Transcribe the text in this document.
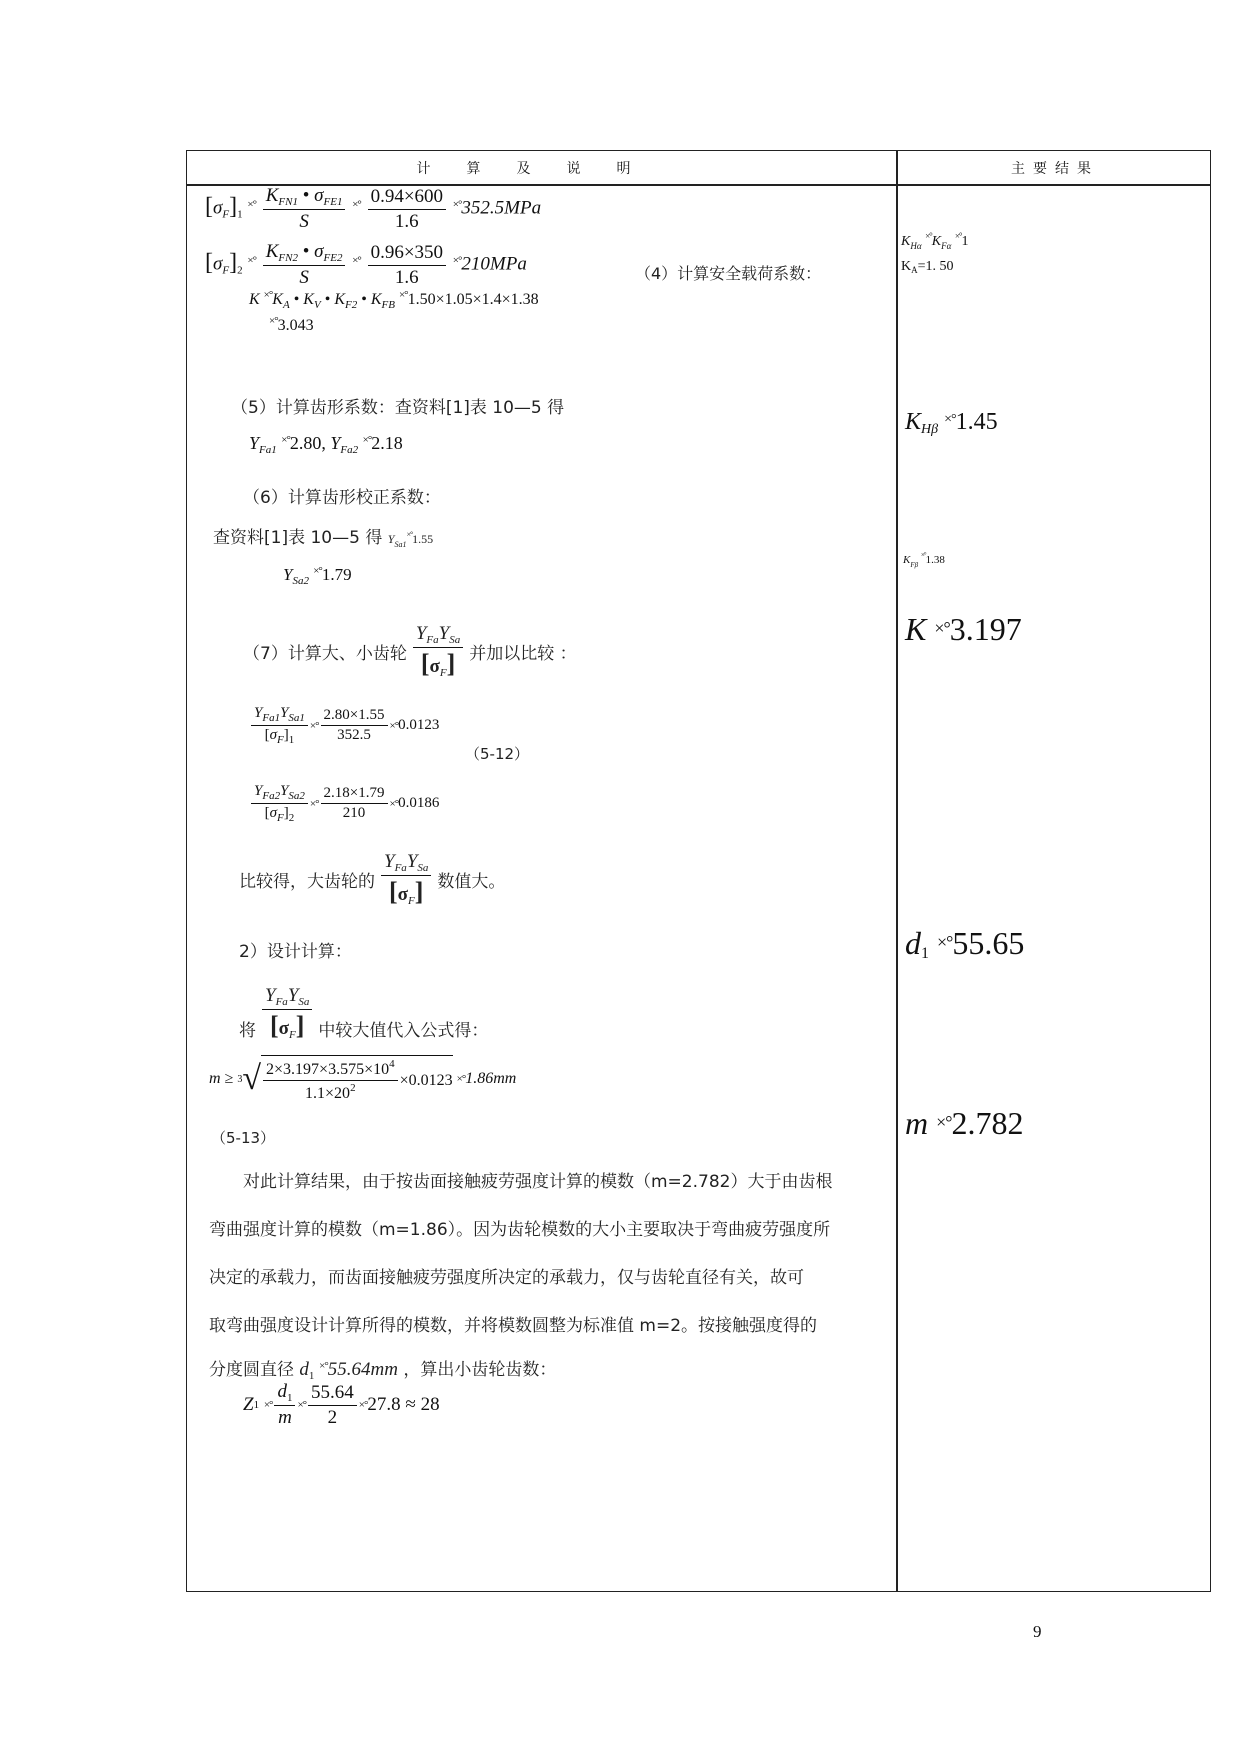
计算及说明	主要结果
$[\sigma_F]_1$ $^{\times^\circ} \frac{K_{FN1} • \sigma_{FE1}}{S} ^{\times^\circ} \frac{0.94\times 600}{1.6} ^{\times^\circ}352.5MPa$
$[\sigma_F]_2$ $^{\times^\circ} \frac{K_{FN2} • \sigma_{FE2}}{S} ^{\times^\circ} \frac{0.96\times 350}{1.6} ^{\times^\circ}210MPa$	（4）计算安全载荷系数：
K $^{\times^\circ}K_A$ • $K_V$ • $K_{F2}$ • $K_{FB}$ ×°1.50×1.05×1.4×1.38
×°3.043
（5）计算齿形系数：查资料[1]表 10—5 得
$Y_{Fa1}$ ×°2.80, $Y_{Fa2}$ ×°2.18
（6）计算齿形校正系数：
查资料[1]表 10—5 得 $Y_{Sa1}^{\times^\circ}1.55$
$Y_{Sa2}$ ×°1.79
（7）计算大、小齿轮 $\frac{Y_{Fa}Y_{Sa}}{[\sigma_F]}$ 并加以比较 ：
$\frac{Y_{Fa1}Y_{Sa1}}{[\sigma_F]_1}$ ×° $\frac{2.80\times 1.55}{352.5}$ ×° 0.0123
（5-12）
$\frac{Y_{Fa2}Y_{Sa2}}{[\sigma_F]_2}$ ×° $\frac{2.18\times 1.79}{210}$ ×° 0.0186
比较得，大齿轮的 $\frac{Y_{Fa}Y_{Sa}}{[\sigma_F]}$ 数值大。
2）设计计算：
将 $\frac{Y_{Fa}Y_{Sa}}{[\sigma_F]}$ 中较大值代入公式得：
m ≥ 3 √ $\frac{2\times 3.197\times 3.575\times 10^4}{1.1\times 20^2} \times 0.0123$
×° 1.86mm
（5-13）
对此计算结果，由于按齿面接触疲劳强度计算的模数（m=2.782）大于由齿根
弯曲强度计算的模数（m=1.86）。因为齿轮模数的大小主要取决于弯曲疲劳强度所
决定的承载力，而齿面接触疲劳强度所决定的承载力，仅与齿轮直径有关，故可
取弯曲强度设计计算所得的模数，并将模数圆整为标准值 m=2。按接触强度得的
分度圆直径 $d_1$ ×°55.64mm ，算出小齿轮齿数：
Z 1
×° $\frac{d_1}{m}$ ×° $\frac{55.64}{2}$ ×° 27.8 ≈ 28
$K_{H\alpha}$ $^{\times^\circ}K_{F\alpha}$ ×°1
$K_A=1$. 50
$K_{H\beta}$ ×°1.45
$K_{F\beta}$ ×°1.38
K ×°3.197
$d_1 \times^\circ 55.65$
m ×°2.782
9
